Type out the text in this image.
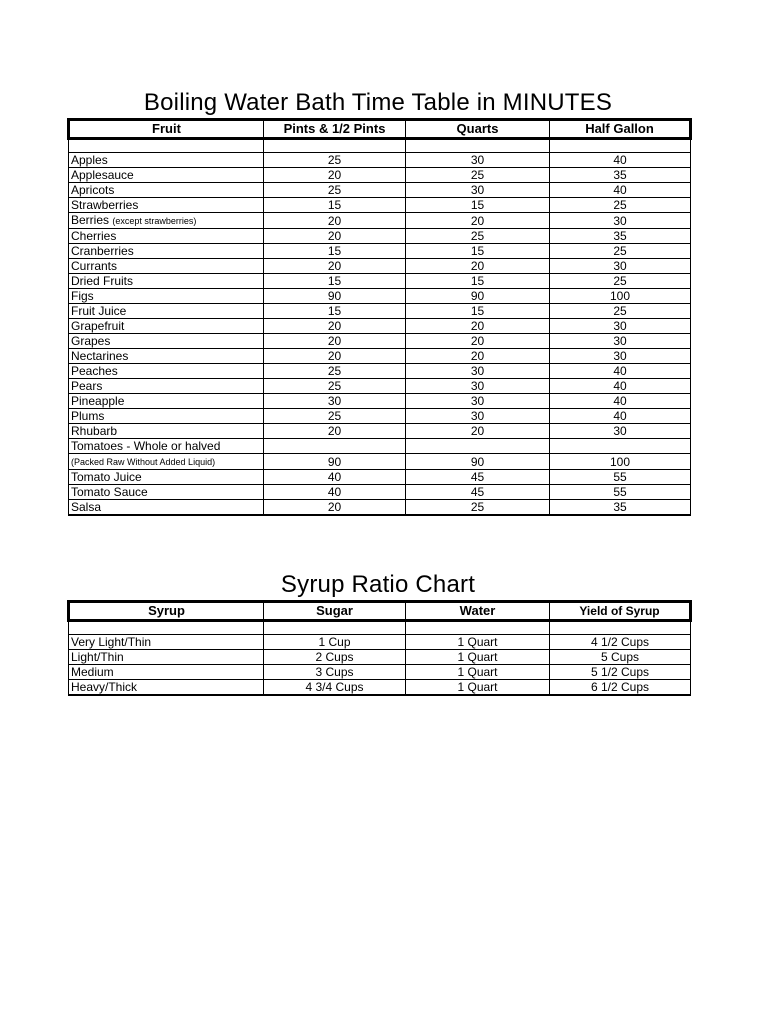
Boiling Water Bath Time Table in MINUTES
Fruit	Pints & 1/2 Pints	Quarts	Half Gallon

Apples	25	30	40
Applesauce	20	25	35
Apricots	25	30	40
Strawberries	15	15	25
Berries (except strawberries)	20	20	30
Cherries	20	25	35
Cranberries	15	15	25
Currants	20	20	30
Dried Fruits	15	15	25
Figs	90	90	100
Fruit Juice	15	15	25
Grapefruit	20	20	30
Grapes	20	20	30
Nectarines	20	20	30
Peaches	25	30	40
Pears	25	30	40
Pineapple	30	30	40
Plums	25	30	40
Rhubarb	20	20	30
Tomatoes - Whole or halved			
(Packed Raw Without Added Liquid)	90	90	100
Tomato Juice	40	45	55
Tomato Sauce	40	45	55
Salsa	20	25	35
Syrup Ratio Chart
Syrup	Sugar	Water	Yield of Syrup

Very Light/Thin	1 Cup	1 Quart	4 1/2 Cups
Light/Thin	2 Cups	1 Quart	5 Cups
Medium	3 Cups	1 Quart	5 1/2 Cups
Heavy/Thick	4 3/4 Cups	1 Quart	6 1/2 Cups
